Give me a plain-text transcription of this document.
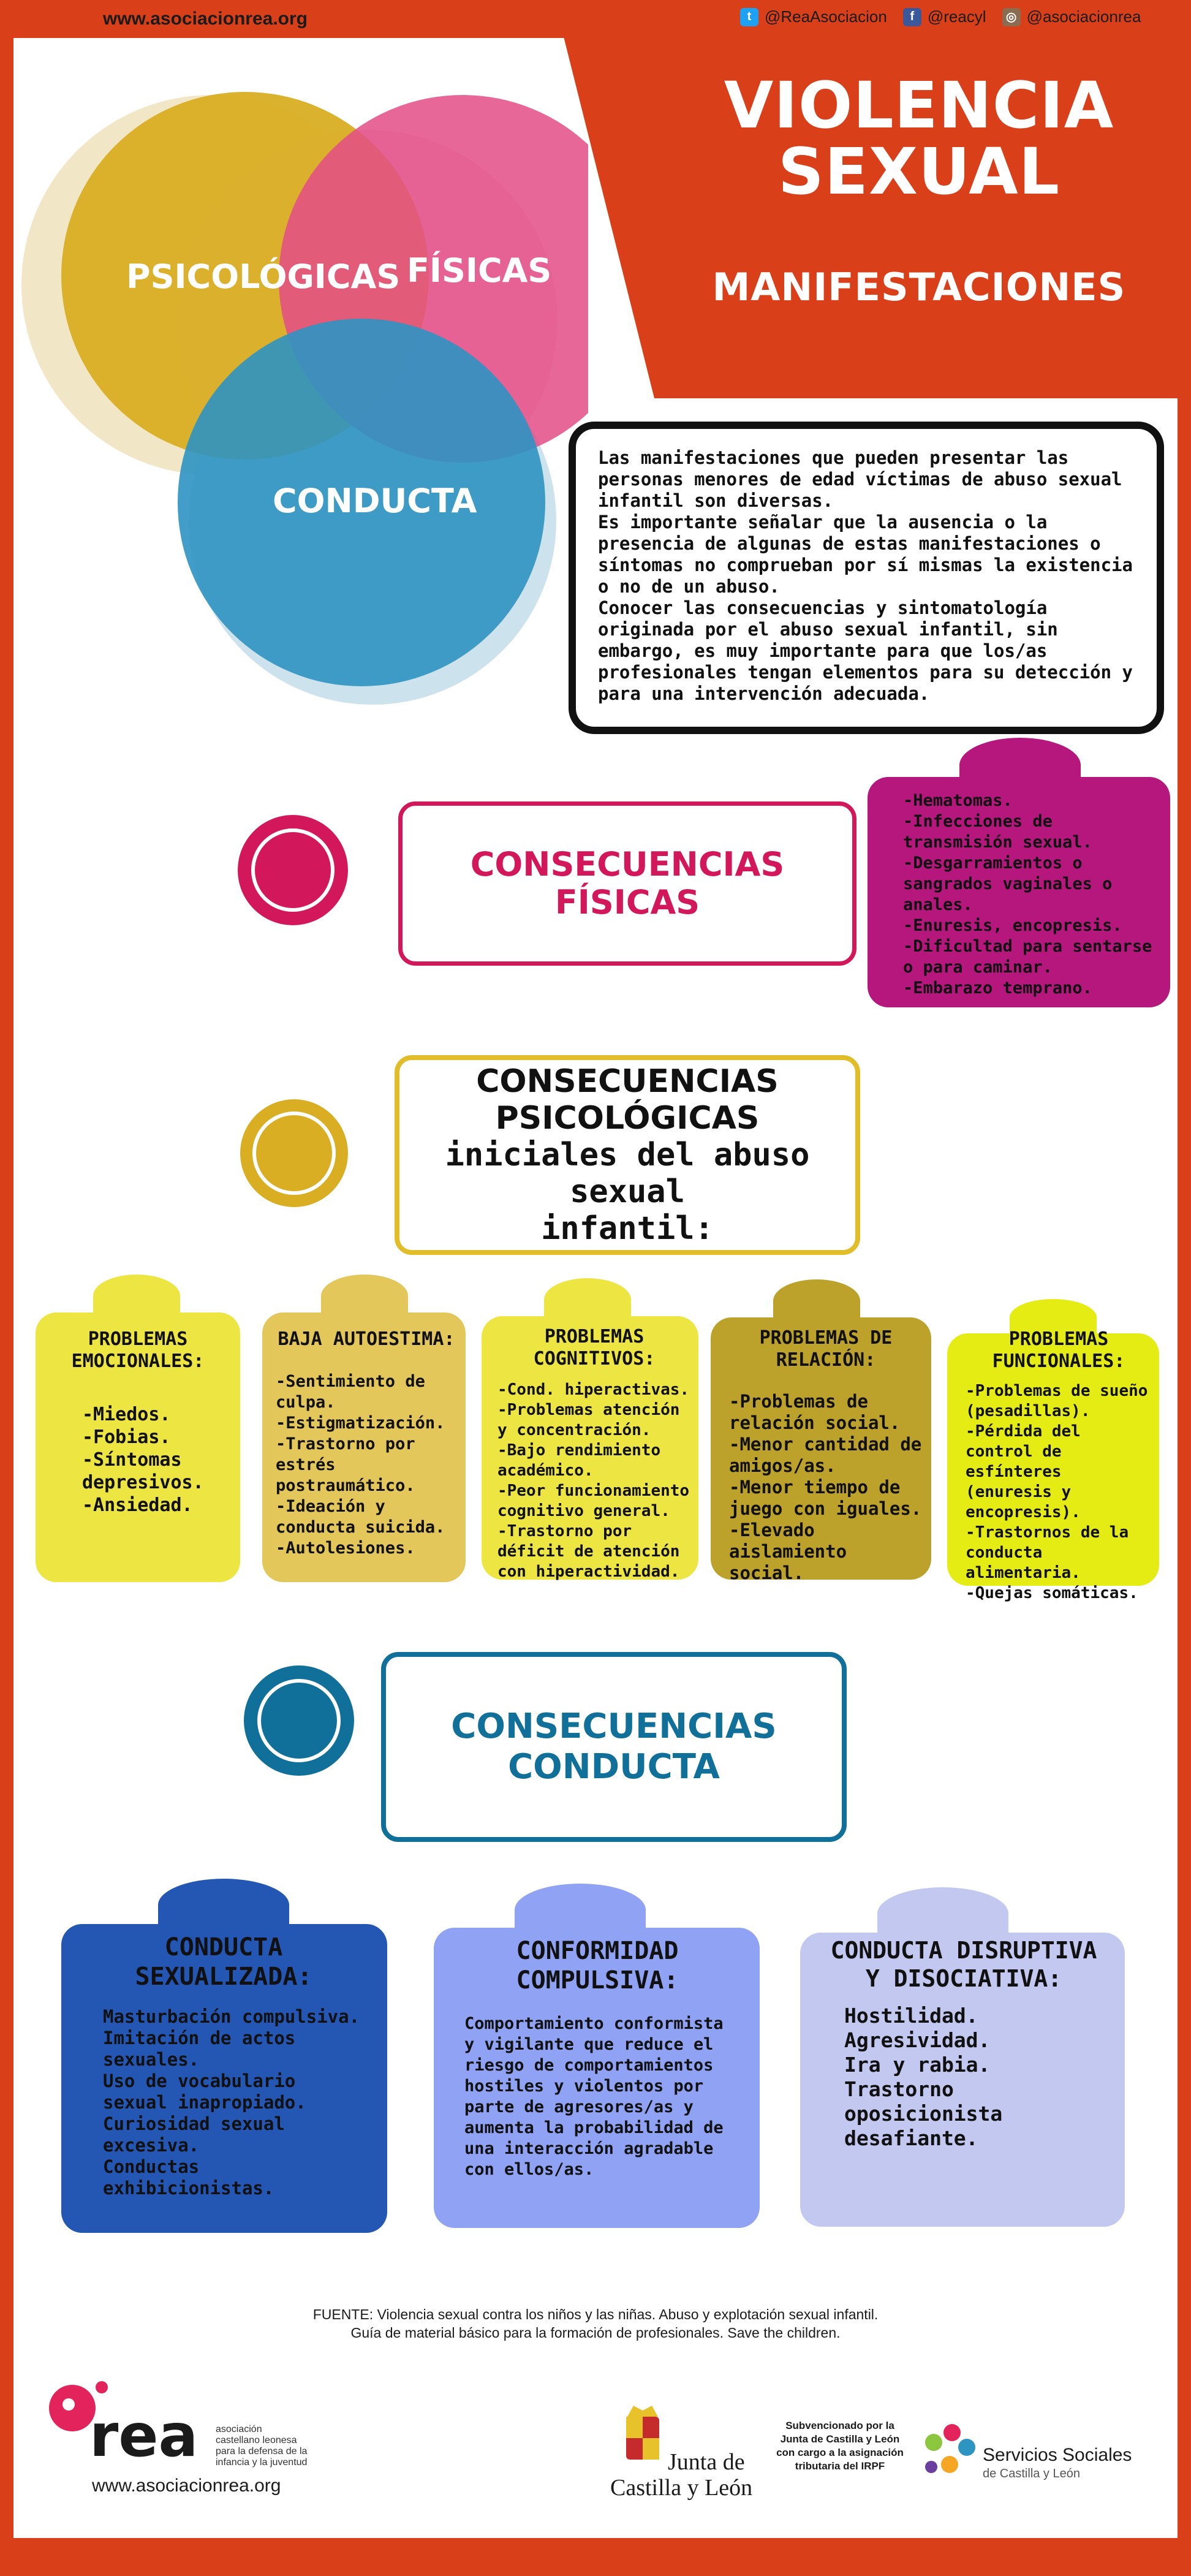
www.asociacionrea.org	t @ReaAsociacion	f @reacyl	◎ @asociacionrea
VIOLENCIA
SEXUAL
MANIFESTACIONES
PSICOLÓGICAS FÍSICAS
CONDUCTA
Las manifestaciones que pueden presentar las personas menores de edad víctimas de abuso sexual infantil son diversas.
Es importante señalar que la ausencia o la presencia de algunas de estas manifestaciones o síntomas no comprueban por sí mismas la existencia o no de un abuso.
Conocer las consecuencias y sintomatología originada por el abuso sexual infantil, sin embargo, es muy importante para que los/as profesionales tengan elementos para su detección y para una intervención adecuada.
CONSECUENCIAS
FÍSICAS
-Hematomas.
-Infecciones de transmisión sexual.
-Desgarramientos o sangrados vaginales o anales.
-Enuresis, encopresis.
-Dificultad para sentarse o para caminar.
-Embarazo temprano.
CONSECUENCIAS
PSICOLÓGICAS
iniciales del abuso sexual
infantil:
PROBLEMAS EMOCIONALES:
-Miedos.
-Fobias.
-Síntomas depresivos.
-Ansiedad.
BAJA AUTOESTIMA:
-Sentimiento de culpa.
-Estigmatización.
-Trastorno por estrés postraumático.
-Ideación y conducta suicida.
-Autolesiones.
PROBLEMAS COGNITIVOS:
-Cond. hiperactivas.
-Problemas atención y concentración.
-Bajo rendimiento académico.
-Peor funcionamiento cognitivo general.
-Trastorno por déficit de atención con hiperactividad.
PROBLEMAS DE RELACIÓN:
-Problemas de relación social.
-Menor cantidad de amigos/as.
-Menor tiempo de juego con iguales.
-Elevado aislamiento social.
PROBLEMAS FUNCIONALES:
-Problemas de sueño (pesadillas).
-Pérdida del control de esfínteres (enuresis y encopresis).
-Trastornos de la conducta alimentaria.
-Quejas somáticas.
CONSECUENCIAS
CONDUCTA
CONDUCTA SEXUALIZADA:
Masturbación compulsiva.
Imitación de actos sexuales.
Uso de vocabulario sexual inapropiado.
Curiosidad sexual excesiva.
Conductas exhibicionistas.
CONFORMIDAD COMPULSIVA:
Comportamiento conformista y vigilante que reduce el riesgo de comportamientos hostiles y violentos por parte de agresores/as y aumenta la probabilidad de una interacción agradable con ellos/as.
CONDUCTA DISRUPTIVA Y DISOCIATIVA:
Hostilidad.
Agresividad.
Ira y rabia.
Trastorno oposicionista desafiante.
FUENTE: Violencia sexual contra los niños y las niñas. Abuso y explotación sexual infantil.
Guía de material básico para la formación de profesionales. Save the children.
rea asociación
castellano leonesa
para la defensa de la
infancia y la juventud
www.asociacionrea.org
Junta de
Castilla y León
Subvencionado por la
Junta de Castilla y León
con cargo a la asignación
tributaria del IRPF
Servicios Sociales
de Castilla y León
